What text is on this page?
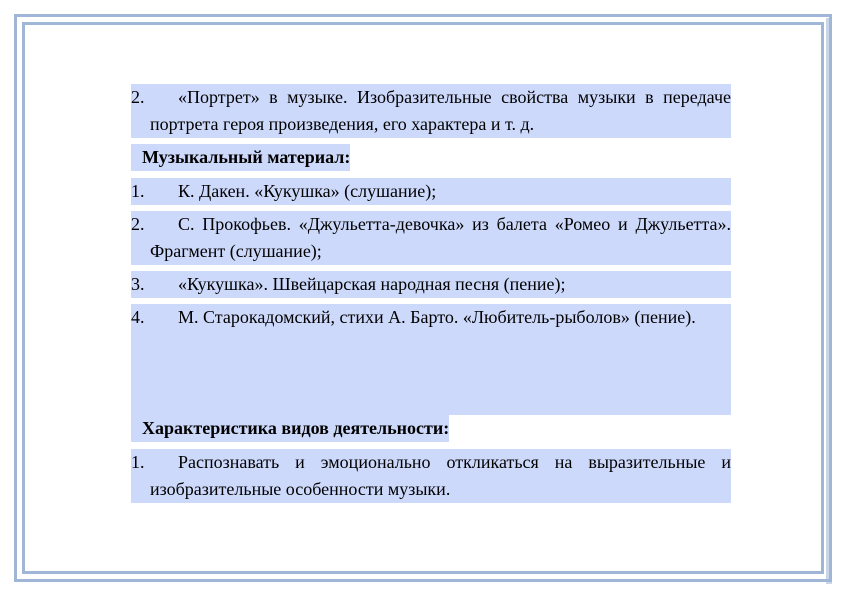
2.	«Портрет» в музыке. Изобразительные свойства музыки в передаче портрета героя произведения, его характера и т. д.
Музыкальный материал:
1.	К. Дакен. «Кукушка» (слушание);
2.	С. Прокофьев. «Джульетта-девочка» из балета «Ромео и Джульетта». Фрагмент (слушание);
3.	«Кукушка». Швейцарская народная песня (пение);
4.	М. Старокадомский, стихи А. Барто. «Любитель-рыболов» (пение).
Характеристика видов деятельности:
1.	Распознавать и эмоционально откликаться на выразительные и изобразительные особенности музыки.
